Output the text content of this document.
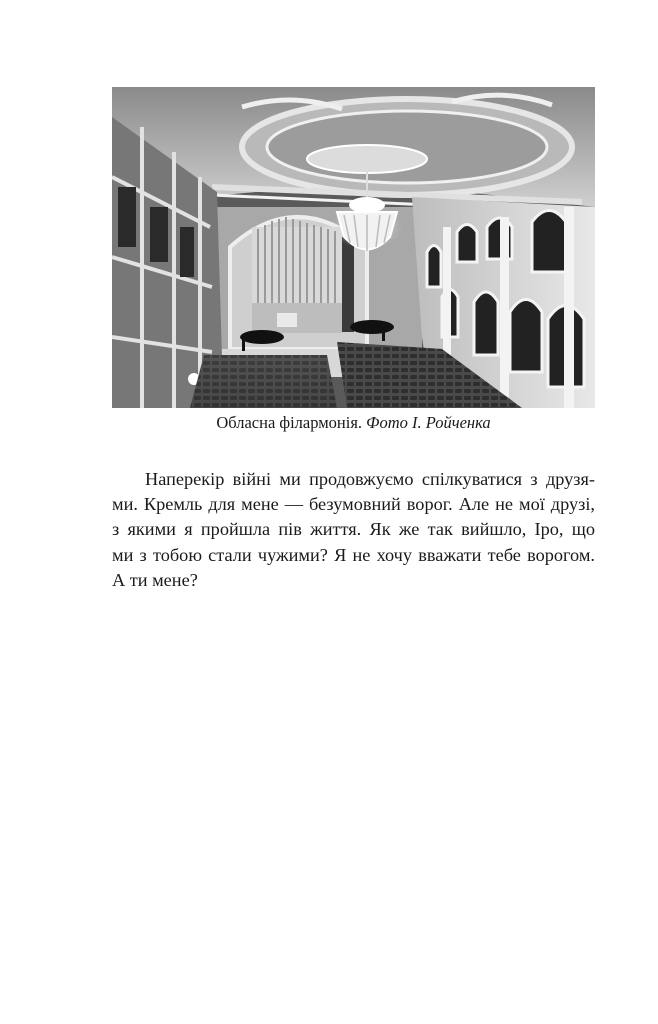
Обласна філармонія. Фото І. Ройченка
Наперекір війні ми продовжуємо спілкуватися з друзя-
ми. Кремль для мене — безумовний ворог. Але не мої друзі,
з якими я пройшла пів життя. Як же так вийшло, Іро, що
ми з тобою стали чужими? Я не хочу вважати тебе ворогом.
А ти мене?
